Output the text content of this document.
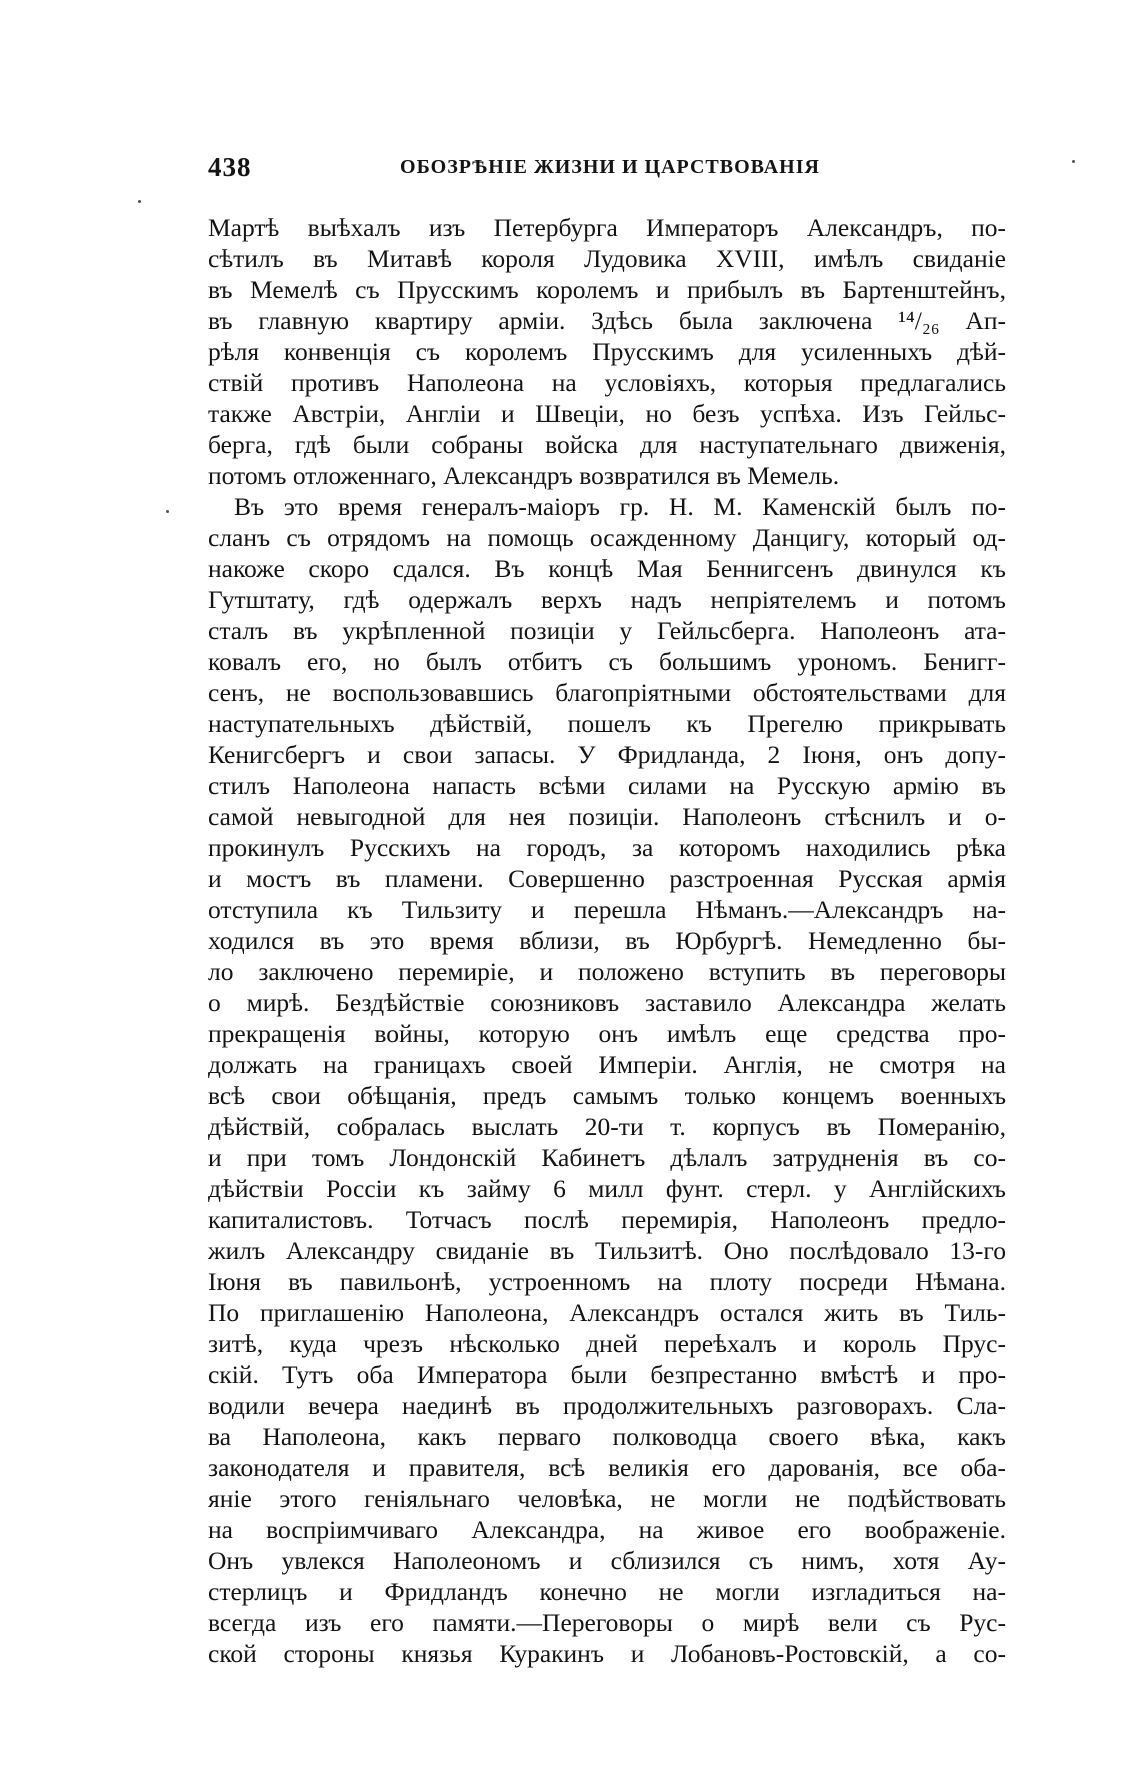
438	ОБОЗРѢНІЕ ЖИЗНИ И ЦАРСТВОВАНІЯ
Мартѣ выѣхалъ изъ Петербурга Императоръ Александръ, по-
сѣтилъ въ Митавѣ короля Лудовика XVIII, имѣлъ свиданіе
въ Мемелѣ съ Прусскимъ королемъ и прибылъ въ Бартенштейнъ,
въ главную квартиру арміи. Здѣсь была заключена ¹⁴/₂₆ Ап-
рѣля конвенція съ королемъ Прусскимъ для усиленныхъ дѣй-
ствій противъ Наполеона на условіяхъ, которыя предлагались
также Австріи, Англіи и Швеціи, но безъ успѣха. Изъ Гейльс-
берга, гдѣ были собраны войска для наступательнаго движенія,
потомъ отложеннаго, Александръ возвратился въ Мемель.
Въ это время генералъ-маіоръ гр. Н. М. Каменскій былъ по-
сланъ съ отрядомъ на помощь осажденному Данцигу, который од-
накоже скоро сдался. Въ концѣ Мая Беннигсенъ двинулся къ
Гутштату, гдѣ одержалъ верхъ надъ непріятелемъ и потомъ
сталъ въ укрѣпленной позиціи у Гейльсберга. Наполеонъ ата-
ковалъ его, но былъ отбитъ съ большимъ урономъ. Бенигг-
сенъ, не воспользовавшись благопріятными обстоятельствами для
наступательныхъ дѣйствій, пошелъ къ Прегелю прикрывать
Кенигсбергъ и свои запасы. У Фридланда, 2 Іюня, онъ допу-
стилъ Наполеона напасть всѣми силами на Русскую армію въ
самой невыгодной для нея позиціи. Наполеонъ стѣснилъ и о-
прокинулъ Русскихъ на городъ, за которомъ находились рѣка
и мостъ въ пламени. Совершенно разстроенная Русская армія
отступила къ Тильзиту и перешла Нѣманъ.—Александръ на-
ходился въ это время вблизи, въ Юрбургѣ. Немедленно бы-
ло заключено перемиріе, и положено вступить въ переговоры
о мирѣ. Бездѣйствіе союзниковъ заставило Александра желать
прекращенія войны, которую онъ имѣлъ еще средства про-
должать на границахъ своей Имперіи. Англія, не смотря на
всѣ свои обѣщанія, предъ самымъ только концемъ военныхъ
дѣйствій, собралась выслать 20-ти т. корпусъ въ Померанію,
и при томъ Лондонскій Кабинетъ дѣлалъ затрудненія въ со-
дѣйствіи Россіи къ займу 6 милл фунт. стерл. у Англійскихъ
капиталистовъ. Тотчасъ послѣ перемирія, Наполеонъ предло-
жилъ Александру свиданіе въ Тильзитѣ. Оно послѣдовало 13-го
Іюня въ павильонѣ, устроенномъ на плоту посреди Нѣмана.
По приглашенію Наполеона, Александръ остался жить въ Тиль-
зитѣ, куда чрезъ нѣсколько дней переѣхалъ и король Прус-
скій. Тутъ оба Императора были безпрестанно вмѣстѣ и про-
водили вечера наединѣ въ продолжительныхъ разговорахъ. Сла-
ва Наполеона, какъ перваго полководца своего вѣка, какъ
законодателя и правителя, всѣ великія его дарованія, все оба-
яніе этого геніяльнаго человѣка, не могли не подѣйствовать
на воспріимчиваго Александра, на живое его воображеніе.
Онъ увлекся Наполеономъ и сблизился съ нимъ, хотя Ау-
стерлицъ и Фридландъ конечно не могли изгладиться на-
всегда изъ его памяти.—Переговоры о мирѣ вели съ Рус-
ской стороны князья Куракинъ и Лобановъ-Ростовскій, а со-
